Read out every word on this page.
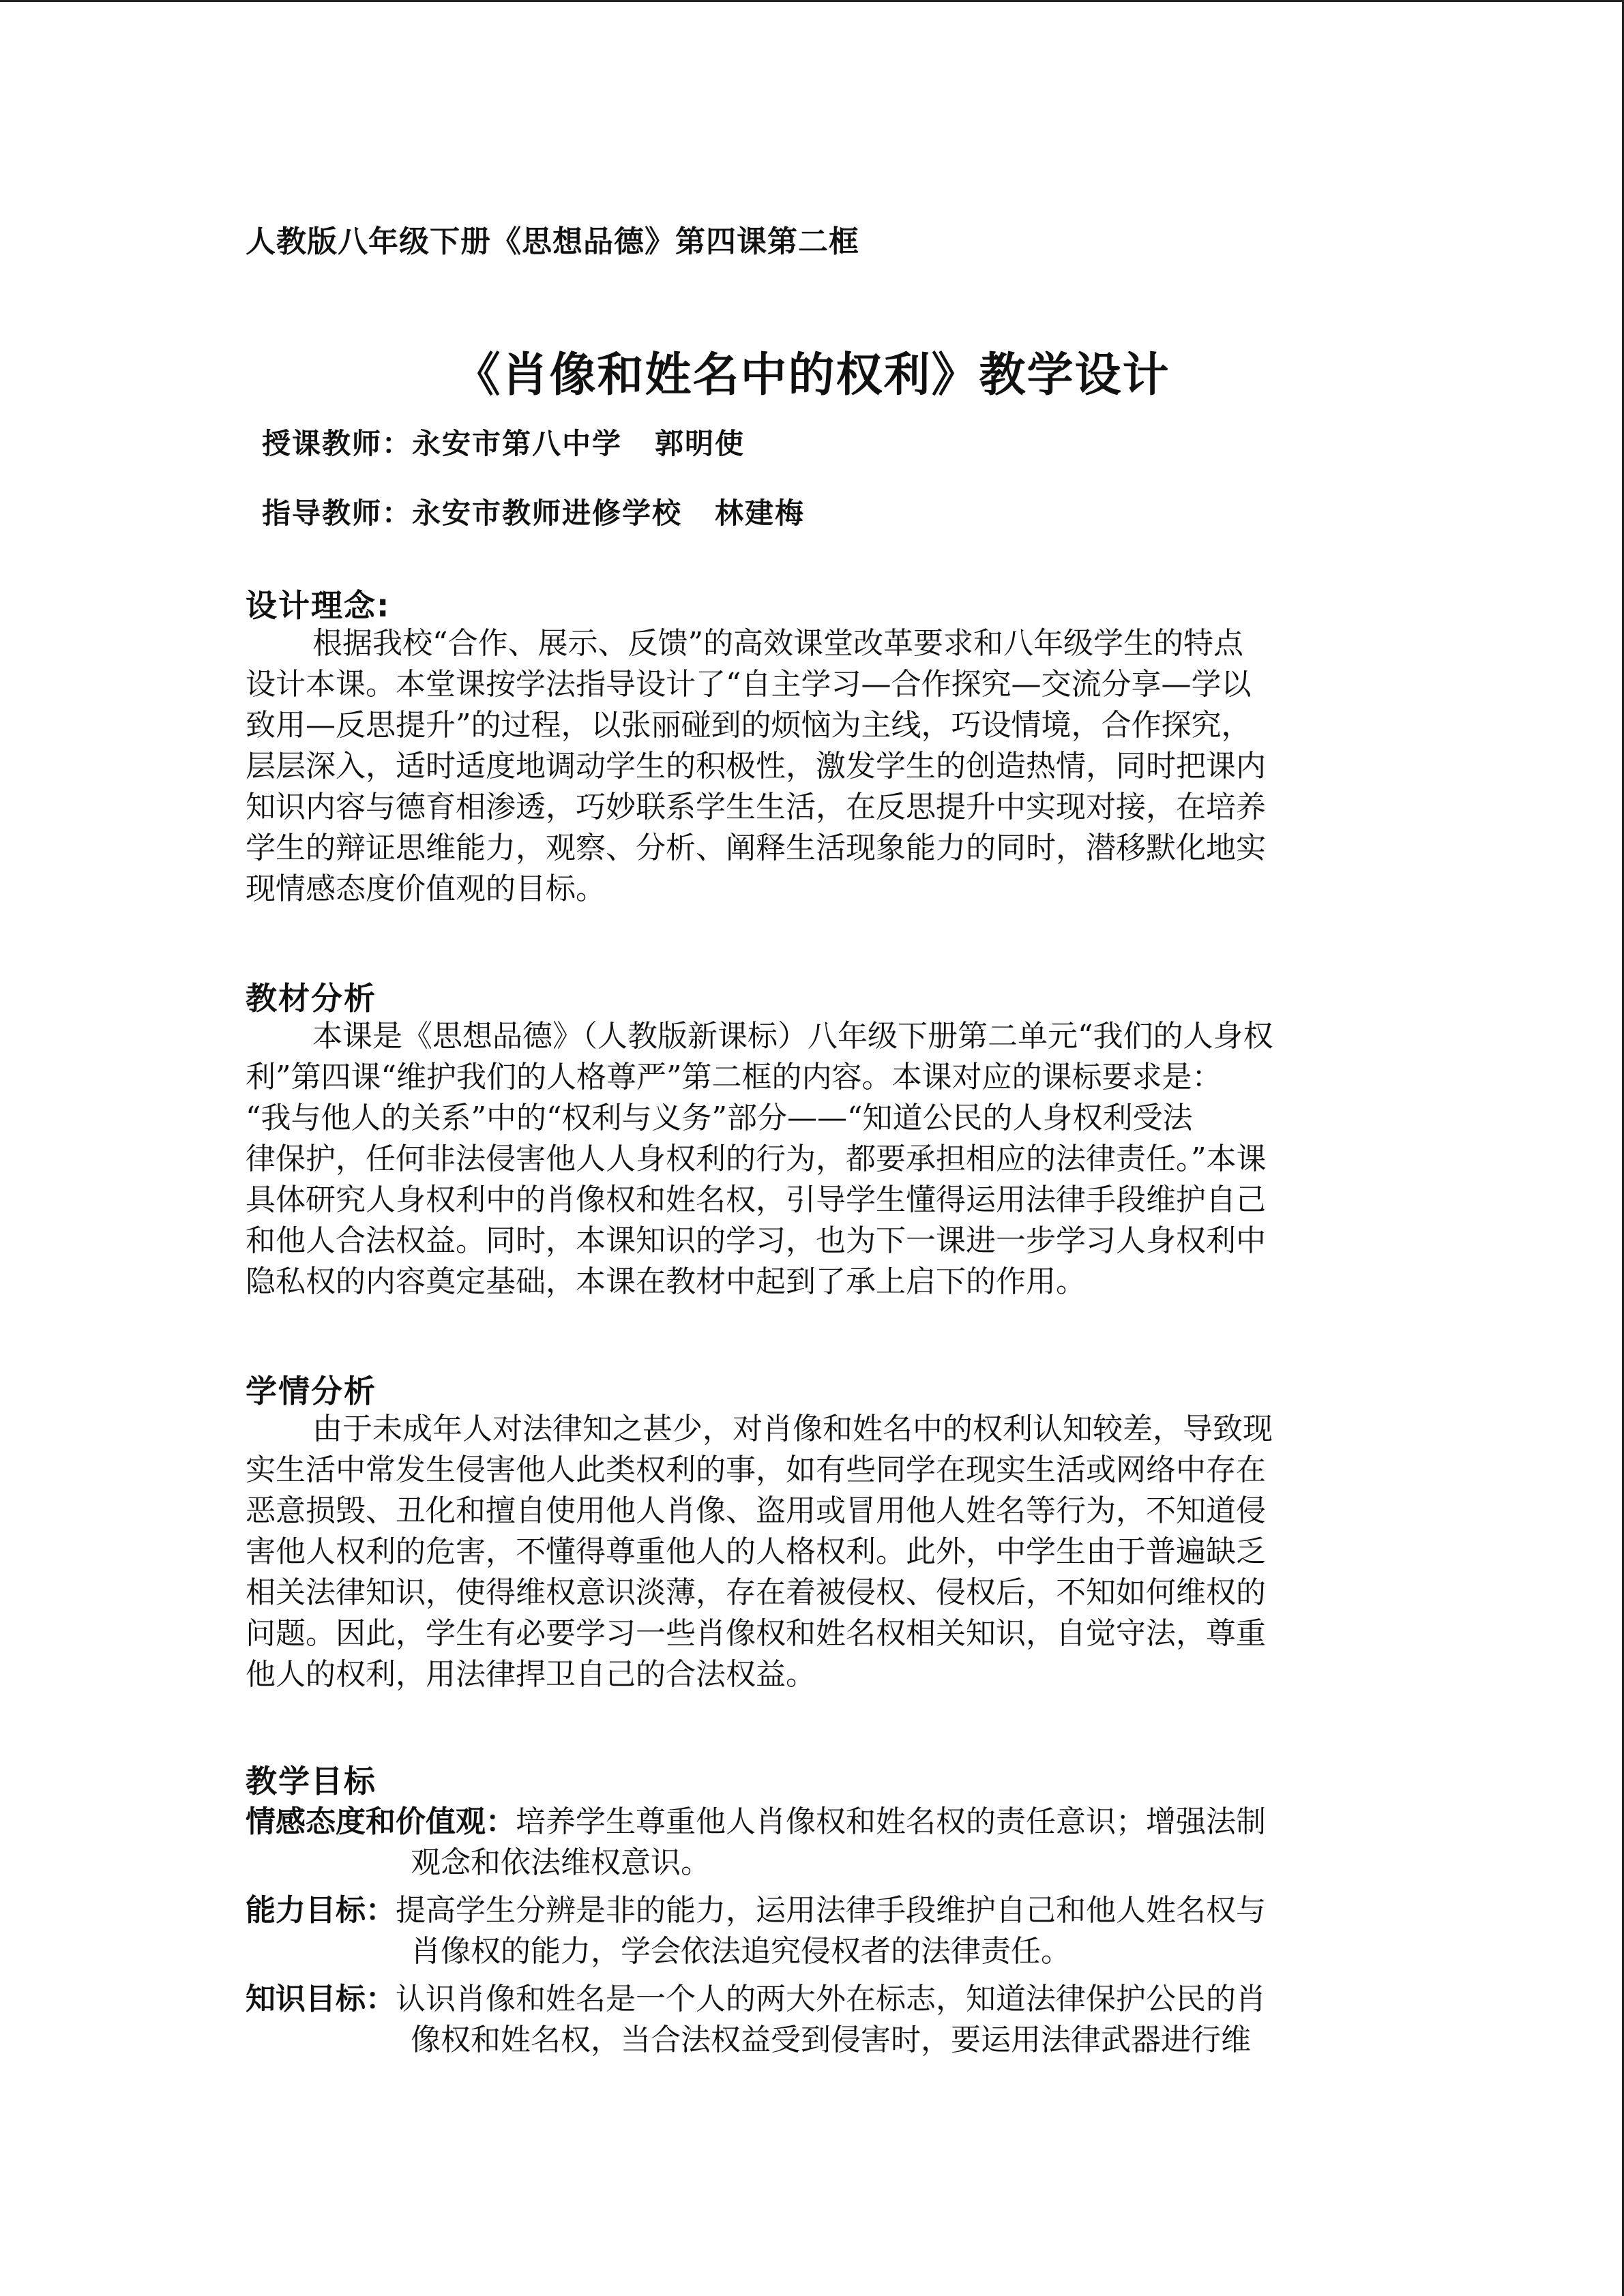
人教版八年级下册《思想品德》第四课第二框
《肖像和姓名中的权利》教学设计
授课教师：永安市第八中学 郭明使
指导教师：永安市教师进修学校 林建梅
设计理念:
根据我校“合作、展示、反馈”的高效课堂改革要求和八年级学生的特点
设计本课。本堂课按学法指导设计了“自主学习—合作探究—交流分享—学以
致用—反思提升”的过程，以张丽碰到的烦恼为主线，巧设情境，合作探究，
层层深入，适时适度地调动学生的积极性，激发学生的创造热情，同时把课内
知识内容与德育相渗透，巧妙联系学生生活，在反思提升中实现对接，在培养
学生的辩证思维能力，观察、分析、阐释生活现象能力的同时，潜移默化地实
现情感态度价值观的目标。
教材分析
本课是《思想品德》（人教版新课标）八年级下册第二单元“我们的人身权
利”第四课“维护我们的人格尊严”第二框的内容。本课对应的课标要求是：
“我与他人的关系”中的“权利与义务”部分——“知道公民的人身权利受法
律保护，任何非法侵害他人人身权利的行为，都要承担相应的法律责任。”本课
具体研究人身权利中的肖像权和姓名权，引导学生懂得运用法律手段维护自己
和他人合法权益。同时，本课知识的学习，也为下一课进一步学习人身权利中
隐私权的内容奠定基础，本课在教材中起到了承上启下的作用。
学情分析
由于未成年人对法律知之甚少，对肖像和姓名中的权利认知较差，导致现
实生活中常发生侵害他人此类权利的事，如有些同学在现实生活或网络中存在
恶意损毁、丑化和擅自使用他人肖像、盗用或冒用他人姓名等行为，不知道侵
害他人权利的危害，不懂得尊重他人的人格权利。此外，中学生由于普遍缺乏
相关法律知识，使得维权意识淡薄，存在着被侵权、侵权后，不知如何维权的
问题。因此，学生有必要学习一些肖像权和姓名权相关知识，自觉守法，尊重
他人的权利，用法律捍卫自己的合法权益。
教学目标
情感态度和价值观：培养学生尊重他人肖像权和姓名权的责任意识；增强法制
观念和依法维权意识。
能力目标：提高学生分辨是非的能力，运用法律手段维护自己和他人姓名权与
肖像权的能力，学会依法追究侵权者的法律责任。
知识目标：认识肖像和姓名是一个人的两大外在标志，知道法律保护公民的肖
像权和姓名权，当合法权益受到侵害时，要运用法律武器进行维
